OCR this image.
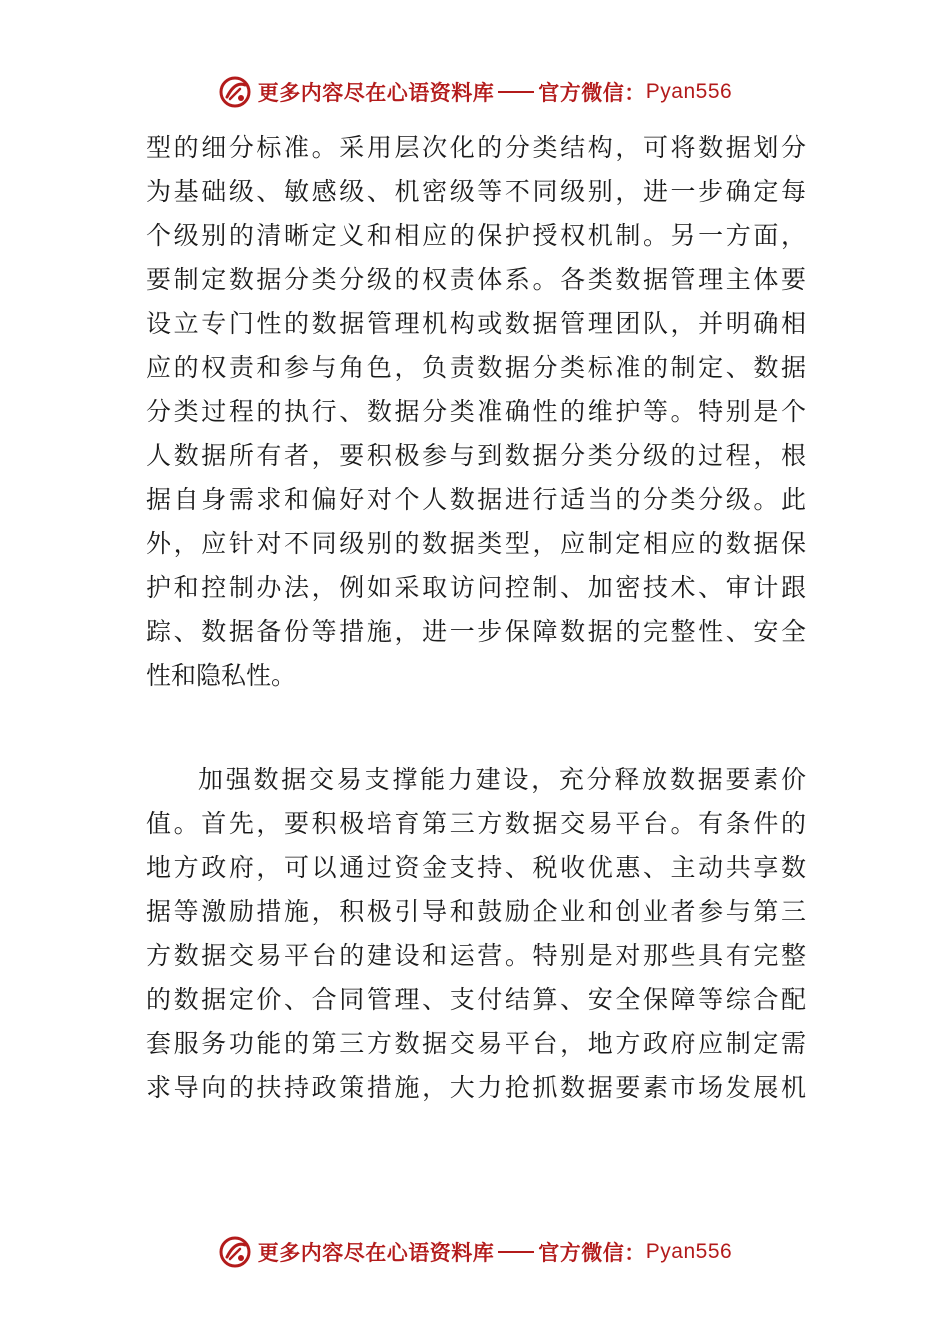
更多内容尽在心语资料库 官方微信： Pyan556
型的细分标准。采用层次化的分类结构，可将数据划分
为基础级、敏感级、机密级等不同级别，进一步确定每
个级别的清晰定义和相应的保护授权机制。另一方面，
要制定数据分类分级的权责体系。各类数据管理主体要
设立专门性的数据管理机构或数据管理团队，并明确相
应的权责和参与角色，负责数据分类标准的制定、数据
分类过程的执行、数据分类准确性的维护等。特别是个
人数据所有者，要积极参与到数据分类分级的过程，根
据自身需求和偏好对个人数据进行适当的分类分级。此
外，应针对不同级别的数据类型，应制定相应的数据保
护和控制办法，例如采取访问控制、加密技术、审计跟
踪、数据备份等措施，进一步保障数据的完整性、安全
性和隐私性。
加强数据交易支撑能力建设，充分释放数据要素价
值。首先，要积极培育第三方数据交易平台。有条件的
地方政府，可以通过资金支持、税收优惠、主动共享数
据等激励措施，积极引导和鼓励企业和创业者参与第三
方数据交易平台的建设和运营。特别是对那些具有完整
的数据定价、合同管理、支付结算、安全保障等综合配
套服务功能的第三方数据交易平台，地方政府应制定需
求导向的扶持政策措施，大力抢抓数据要素市场发展机
更多内容尽在心语资料库 官方微信： Pyan556
